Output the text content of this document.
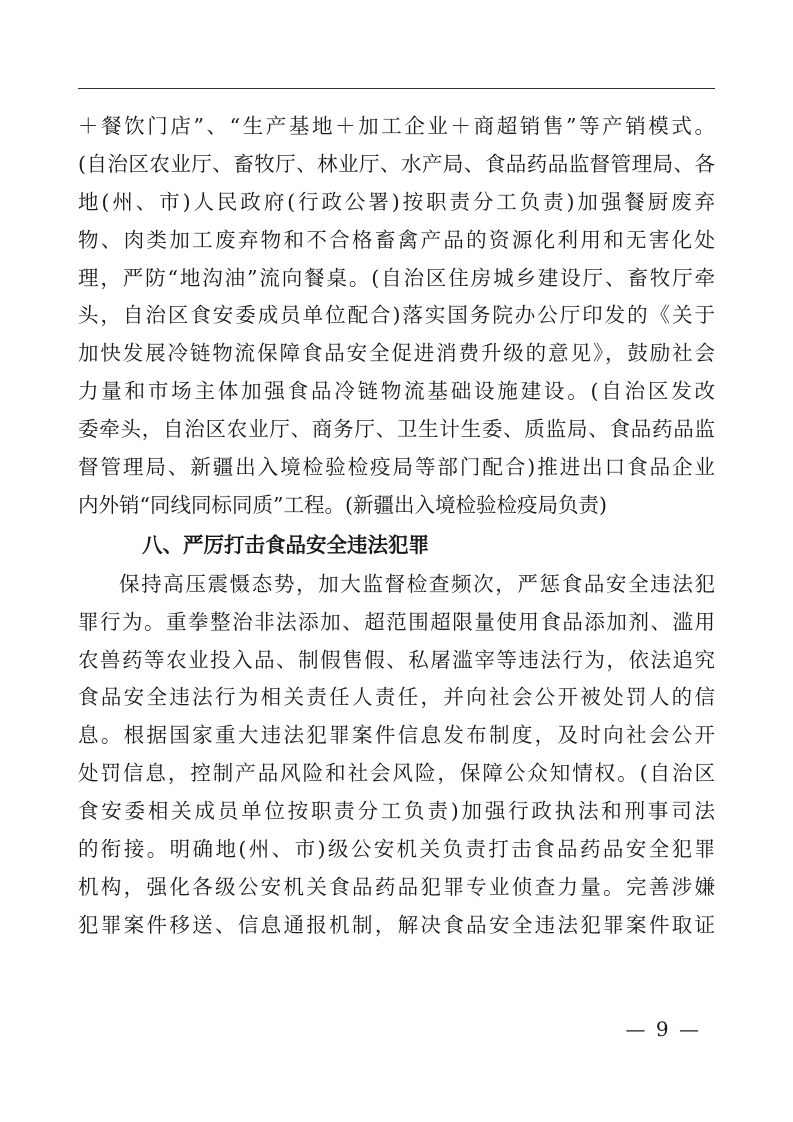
＋餐饮门店”、“生产基地＋加工企业＋商超销售”等产销模式。
(自治区农业厅、畜牧厅、林业厅、水产局、食品药品监督管理局、各
地(州、市)人民政府(行政公署)按职责分工负责)加强餐厨废弃
物、肉类加工废弃物和不合格畜禽产品的资源化利用和无害化处
理，严防“地沟油”流向餐桌。(自治区住房城乡建设厅、畜牧厅牵
头，自治区食安委成员单位配合)落实国务院办公厅印发的《关于
加快发展冷链物流保障食品安全促进消费升级的意见》，鼓励社会
力量和市场主体加强食品冷链物流基础设施建设。(自治区发改
委牵头，自治区农业厅、商务厅、卫生计生委、质监局、食品药品监
督管理局、新疆出入境检验检疫局等部门配合)推进出口食品企业
内外销“同线同标同质”工程。(新疆出入境检验检疫局负责)
八、严厉打击食品安全违法犯罪
保持高压震慑态势，加大监督检查频次，严惩食品安全违法犯
罪行为。重拳整治非法添加、超范围超限量使用食品添加剂、滥用
农兽药等农业投入品、制假售假、私屠滥宰等违法行为，依法追究
食品安全违法行为相关责任人责任，并向社会公开被处罚人的信
息。根据国家重大违法犯罪案件信息发布制度，及时向社会公开
处罚信息，控制产品风险和社会风险，保障公众知情权。(自治区
食安委相关成员单位按职责分工负责)加强行政执法和刑事司法
的衔接。明确地(州、市)级公安机关负责打击食品药品安全犯罪
机构，强化各级公安机关食品药品犯罪专业侦查力量。完善涉嫌
犯罪案件移送、信息通报机制，解决食品安全违法犯罪案件取证
— 9 —
